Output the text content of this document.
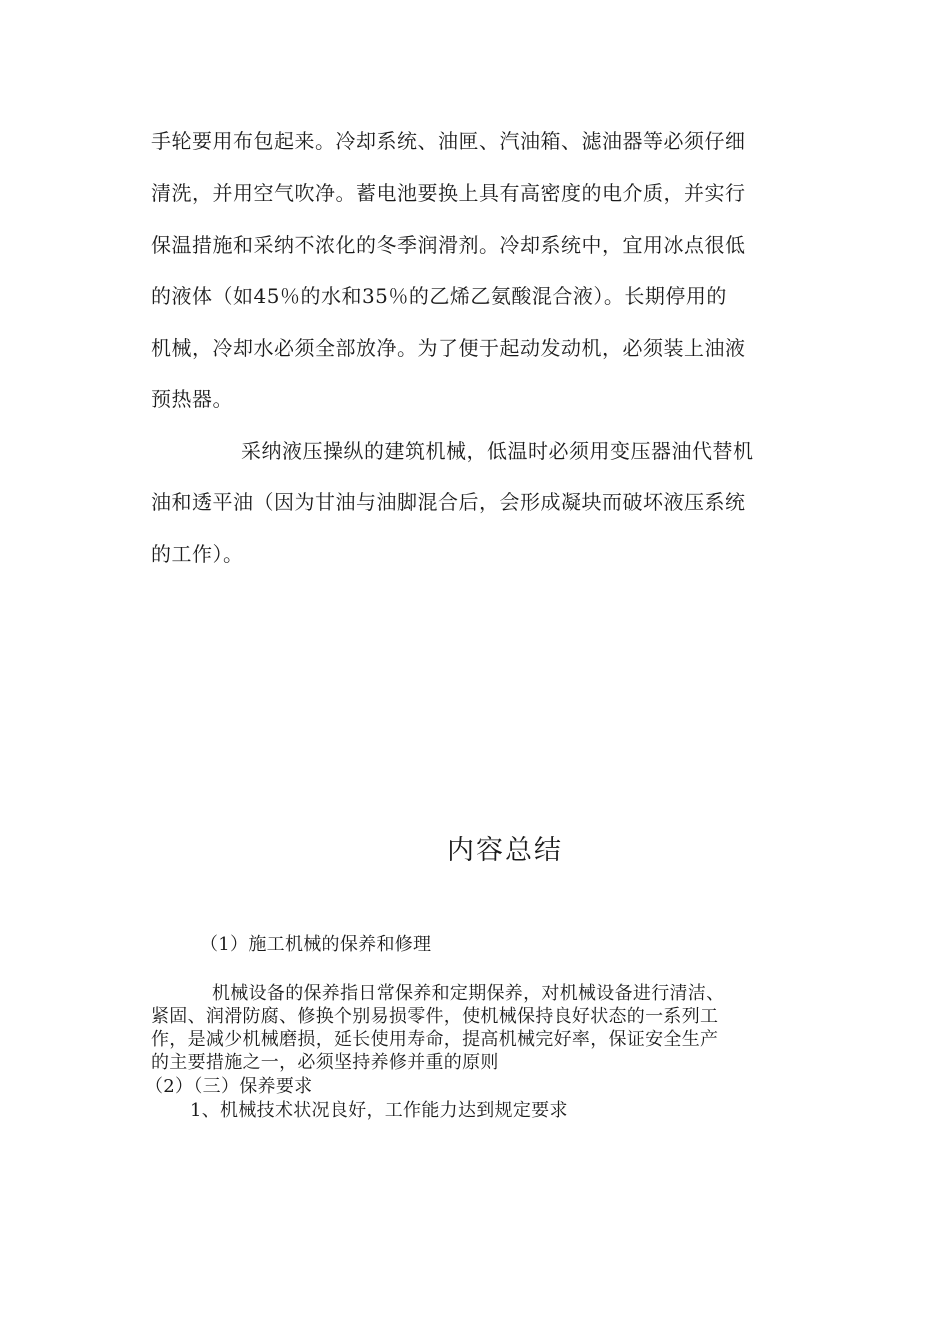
手轮要用布包起来。冷却系统、油匣、汽油箱、滤油器等必须仔细
清洗，并用空气吹净。蓄电池要换上具有高密度的电介质，并实行
保温措施和采纳不浓化的冬季润滑剂。冷却系统中，宜用冰点很低
的液体（如45％的水和35％的乙烯乙氨酸混合液）。长期停用的
机械，冷却水必须全部放净。为了便于起动发动机，必须装上油液
预热器。
采纳液压操纵的建筑机械，低温时必须用变压器油代替机
油和透平油（因为甘油与油脚混合后，会形成凝块而破坏液压系统
的工作）。
内容总结
（1）施工机械的保养和修理
机械设备的保养指日常保养和定期保养，对机械设备进行清洁、
紧固、润滑防腐、修换个别易损零件，使机械保持良好状态的一系列工
作，是减少机械磨损，延长使用寿命，提高机械完好率，保证安全生产
的主要措施之一，必须坚持养修并重的原则
（2）（三）保养要求
1、机械技术状况良好，工作能力达到规定要求
